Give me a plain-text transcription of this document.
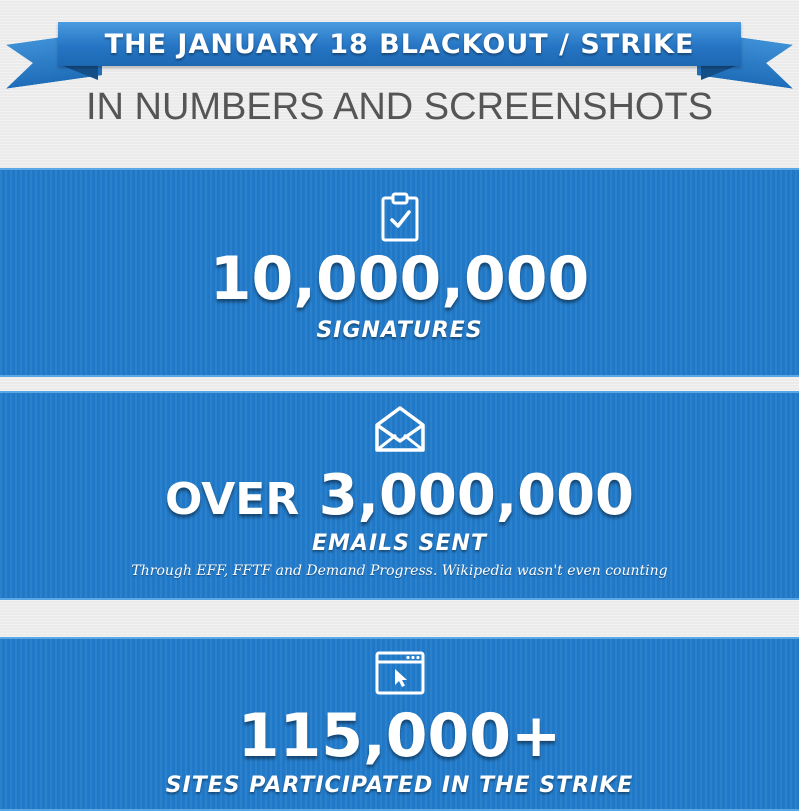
THE JANUARY 18 BLACKOUT / STRIKE
IN NUMBERS AND SCREENSHOTS
10,000,000
SIGNATURES
OVER 3,000,000
EMAILS SENT
Through EFF, FFTF and Demand Progress. Wikipedia wasn't even counting
115,000+
SITES PARTICIPATED IN THE STRIKE
